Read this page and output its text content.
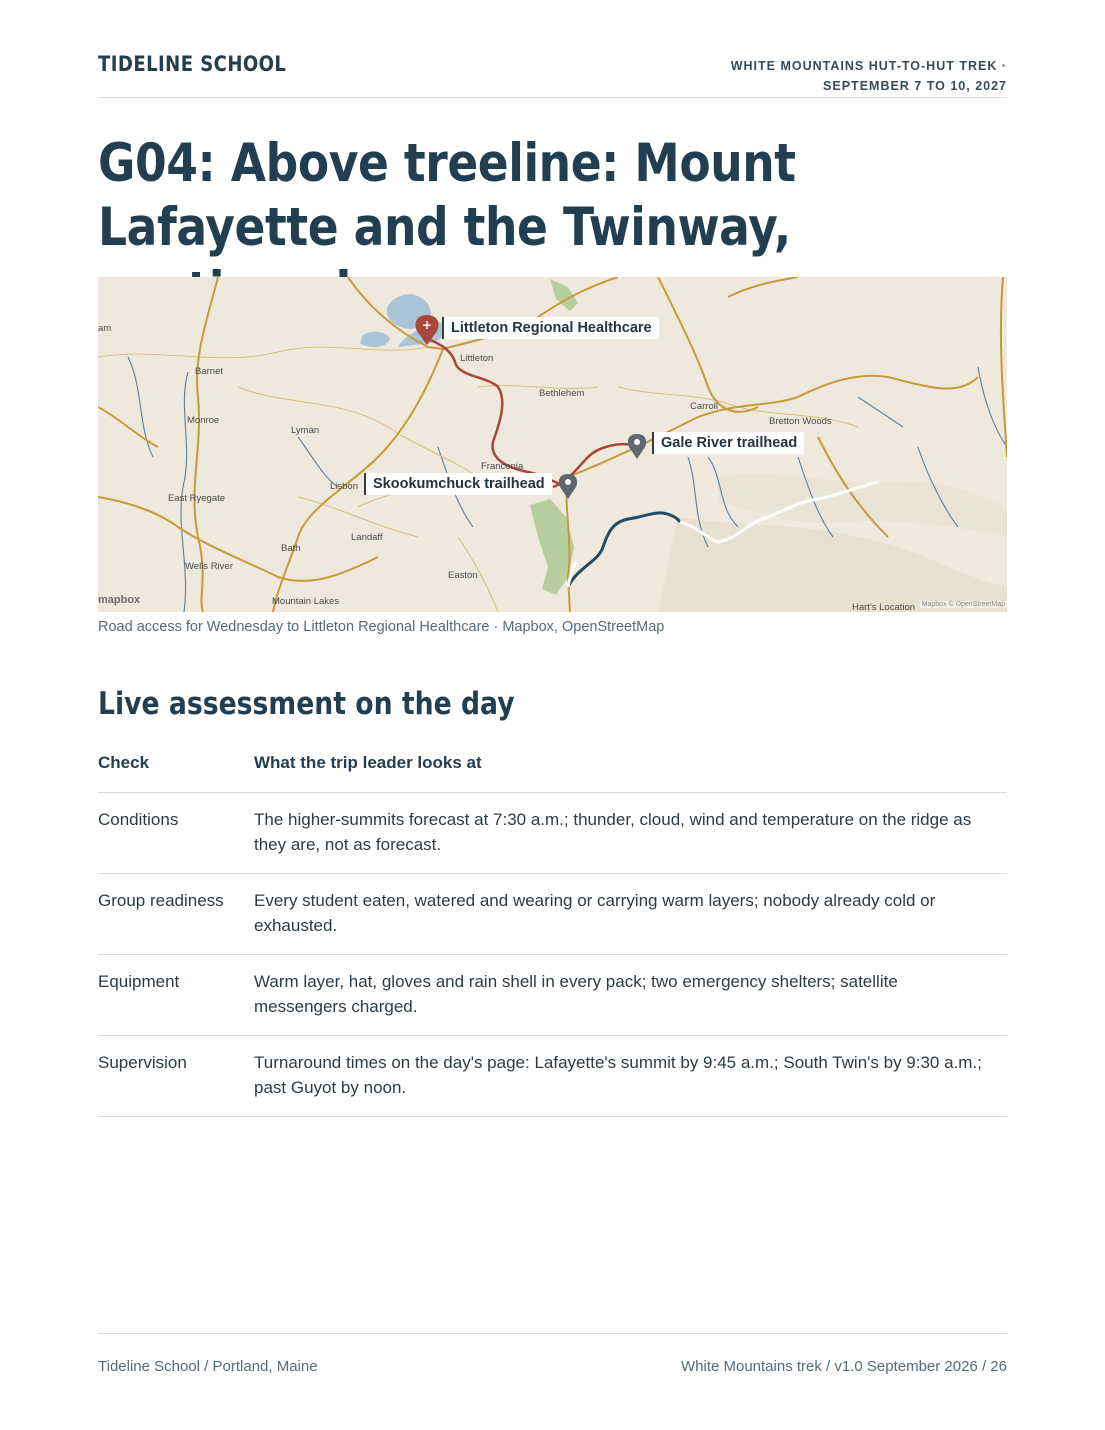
TIDELINE SCHOOL	WHITE MOUNTAINS HUT-TO-HUT TREK ·
SEPTEMBER 7 TO 10, 2027
G04: Above treeline: Mount Lafayette and the Twinway,
+	Littleton Regional Healthcare
Gale River trailhead
Skookumchuck trailhead
am
Barnet
Monroe
Lyman
East Ryegate
Wells River
Bath
Lisbon
Landaff
Easton
Mountain Lakes
Littleton
Bethlehem
Franconia
Carroll
Bretton Woods
Hart's Location
mapbox	Mapbox © OpenStreetMap
Road access for Wednesday to Littleton Regional Healthcare · Mapbox, OpenStreetMap
Live assessment on the day
Check	What the trip leader looks at
Conditions	The higher-summits forecast at 7:30 a.m.; thunder, cloud, wind and temperature on the ridge as they are, not as forecast.
Group readiness	Every student eaten, watered and wearing or carrying warm layers; nobody already cold or exhausted.
Equipment	Warm layer, hat, gloves and rain shell in every pack; two emergency shelters; satellite messengers charged.
Supervision	Turnaround times on the day's page: Lafayette's summit by 9:45 a.m.; South Twin's by 9:30 a.m.; past Guyot by noon.
Tideline School / Portland, Maine	White Mountains trek / v1.0 September 2026 / 26
